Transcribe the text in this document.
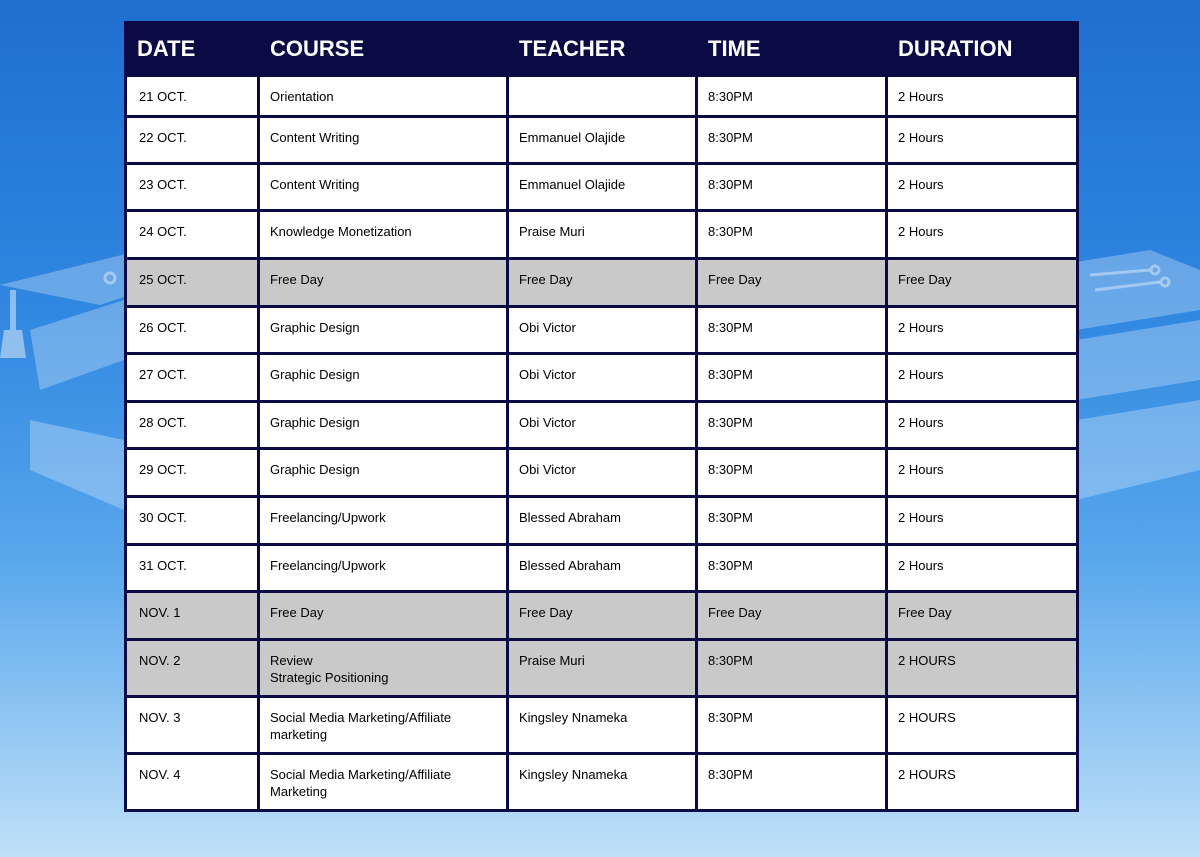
DATE	COURSE	TEACHER	TIME	DURATION

21 OCT.	Orientation		8:30PM	2 Hours

22 OCT.	Content Writing	Emmanuel Olajide	8:30PM	2 Hours

23 OCT.	Content Writing	Emmanuel Olajide	8:30PM	2 Hours

24 OCT.	Knowledge Monetization	Praise Muri	8:30PM	2 Hours

25 OCT.	Free Day	Free Day	Free Day	Free Day

26 OCT.	Graphic Design	Obi Victor	8:30PM	2 Hours

27 OCT.	Graphic Design	Obi Victor	8:30PM	2 Hours

28 OCT.	Graphic Design	Obi Victor	8:30PM	2 Hours

29 OCT.	Graphic Design	Obi Victor	8:30PM	2 Hours

30 OCT.	Freelancing/Upwork	Blessed Abraham	8:30PM	2 Hours

31 OCT.	Freelancing/Upwork	Blessed Abraham	8:30PM	2 Hours

NOV. 1	Free Day	Free Day	Free Day	Free Day

NOV. 2	Review
Strategic Positioning	Praise Muri	8:30PM	2 HOURS

NOV. 3	Social Media Marketing/Affiliate
marketing	Kingsley Nnameka	8:30PM	2 HOURS

NOV. 4	Social Media Marketing/Affiliate
Marketing	Kingsley Nnameka	8:30PM	2 HOURS
